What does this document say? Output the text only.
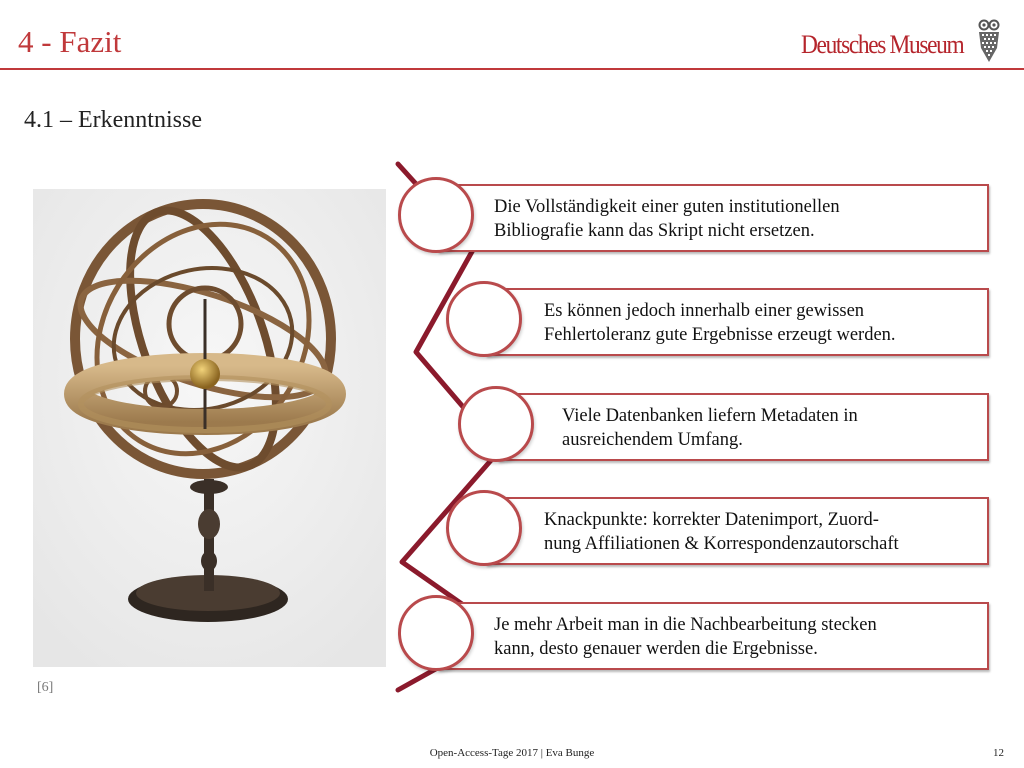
4 - Fazit	Deutsches Museum
4.1 – Erkenntnisse
[6]
Die Vollständigkeit einer guten institutionellen
Bibliografie kann das Skript nicht ersetzen.
Es können jedoch innerhalb einer gewissen
Fehlertoleranz gute Ergebnisse erzeugt werden.
Viele Datenbanken liefern Metadaten in
ausreichendem Umfang.
Knackpunkte: korrekter Datenimport, Zuord-
nung Affiliationen & Korrespondenzautorschaft
Je mehr Arbeit man in die Nachbearbeitung stecken
kann, desto genauer werden die Ergebnisse.
Open-Access-Tage 2017 | Eva Bunge	12
